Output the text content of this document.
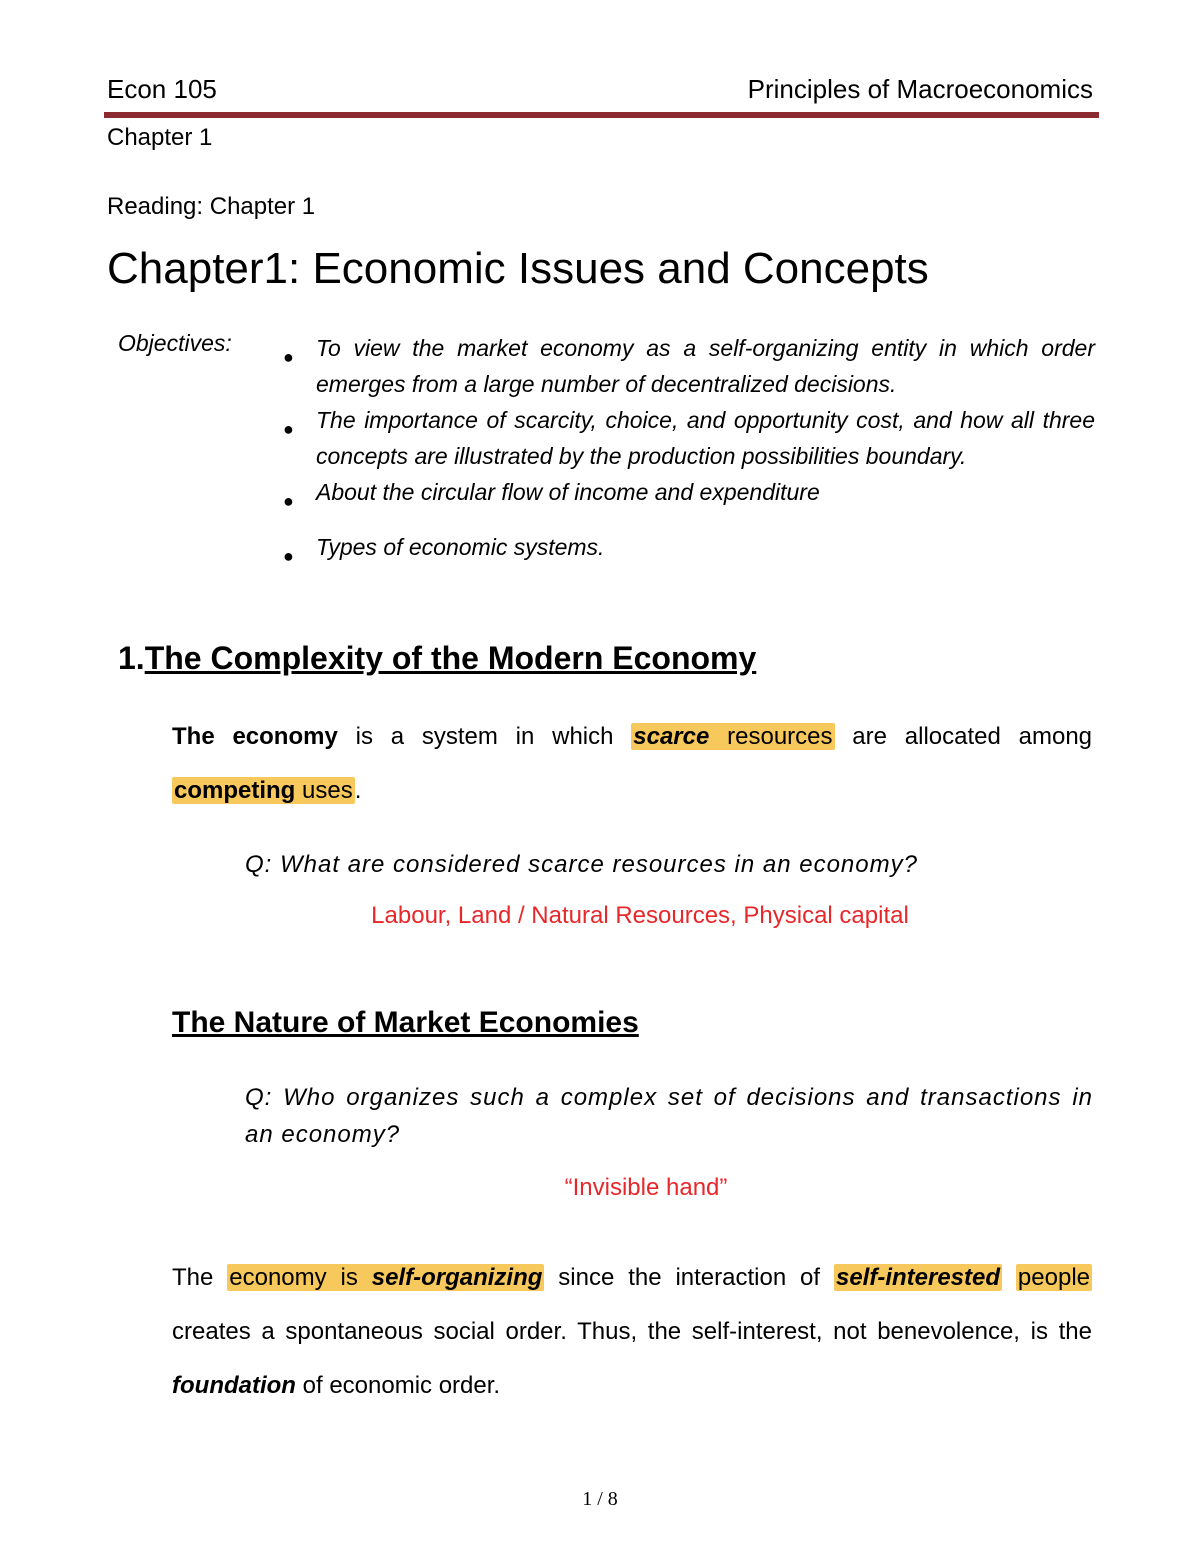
Econ 105	Principles of Macroeconomics
Chapter 1
Reading: Chapter 1
Chapter1: Economic Issues and Concepts
Objectives:
● To view the market economy as a self-organizing entity in which order emerges from a large number of decentralized decisions.
● The importance of scarcity, choice, and opportunity cost, and how all three concepts are illustrated by the production possibilities boundary.
● About the circular flow of income and expenditure
● Types of economic systems.
1.The Complexity of the Modern Economy
The economy is a system in which scarce resources are allocated among competing uses.
Q: What are considered scarce resources in an economy?
Labour, Land / Natural Resources, Physical capital
The Nature of Market Economies
Q: Who organizes such a complex set of decisions and transactions in an economy?
“Invisible hand”
The economy is self-organizing since the interaction of self-interested people creates a spontaneous social order. Thus, the self-interest, not benevolence, is the foundation of economic order.
1 / 8
